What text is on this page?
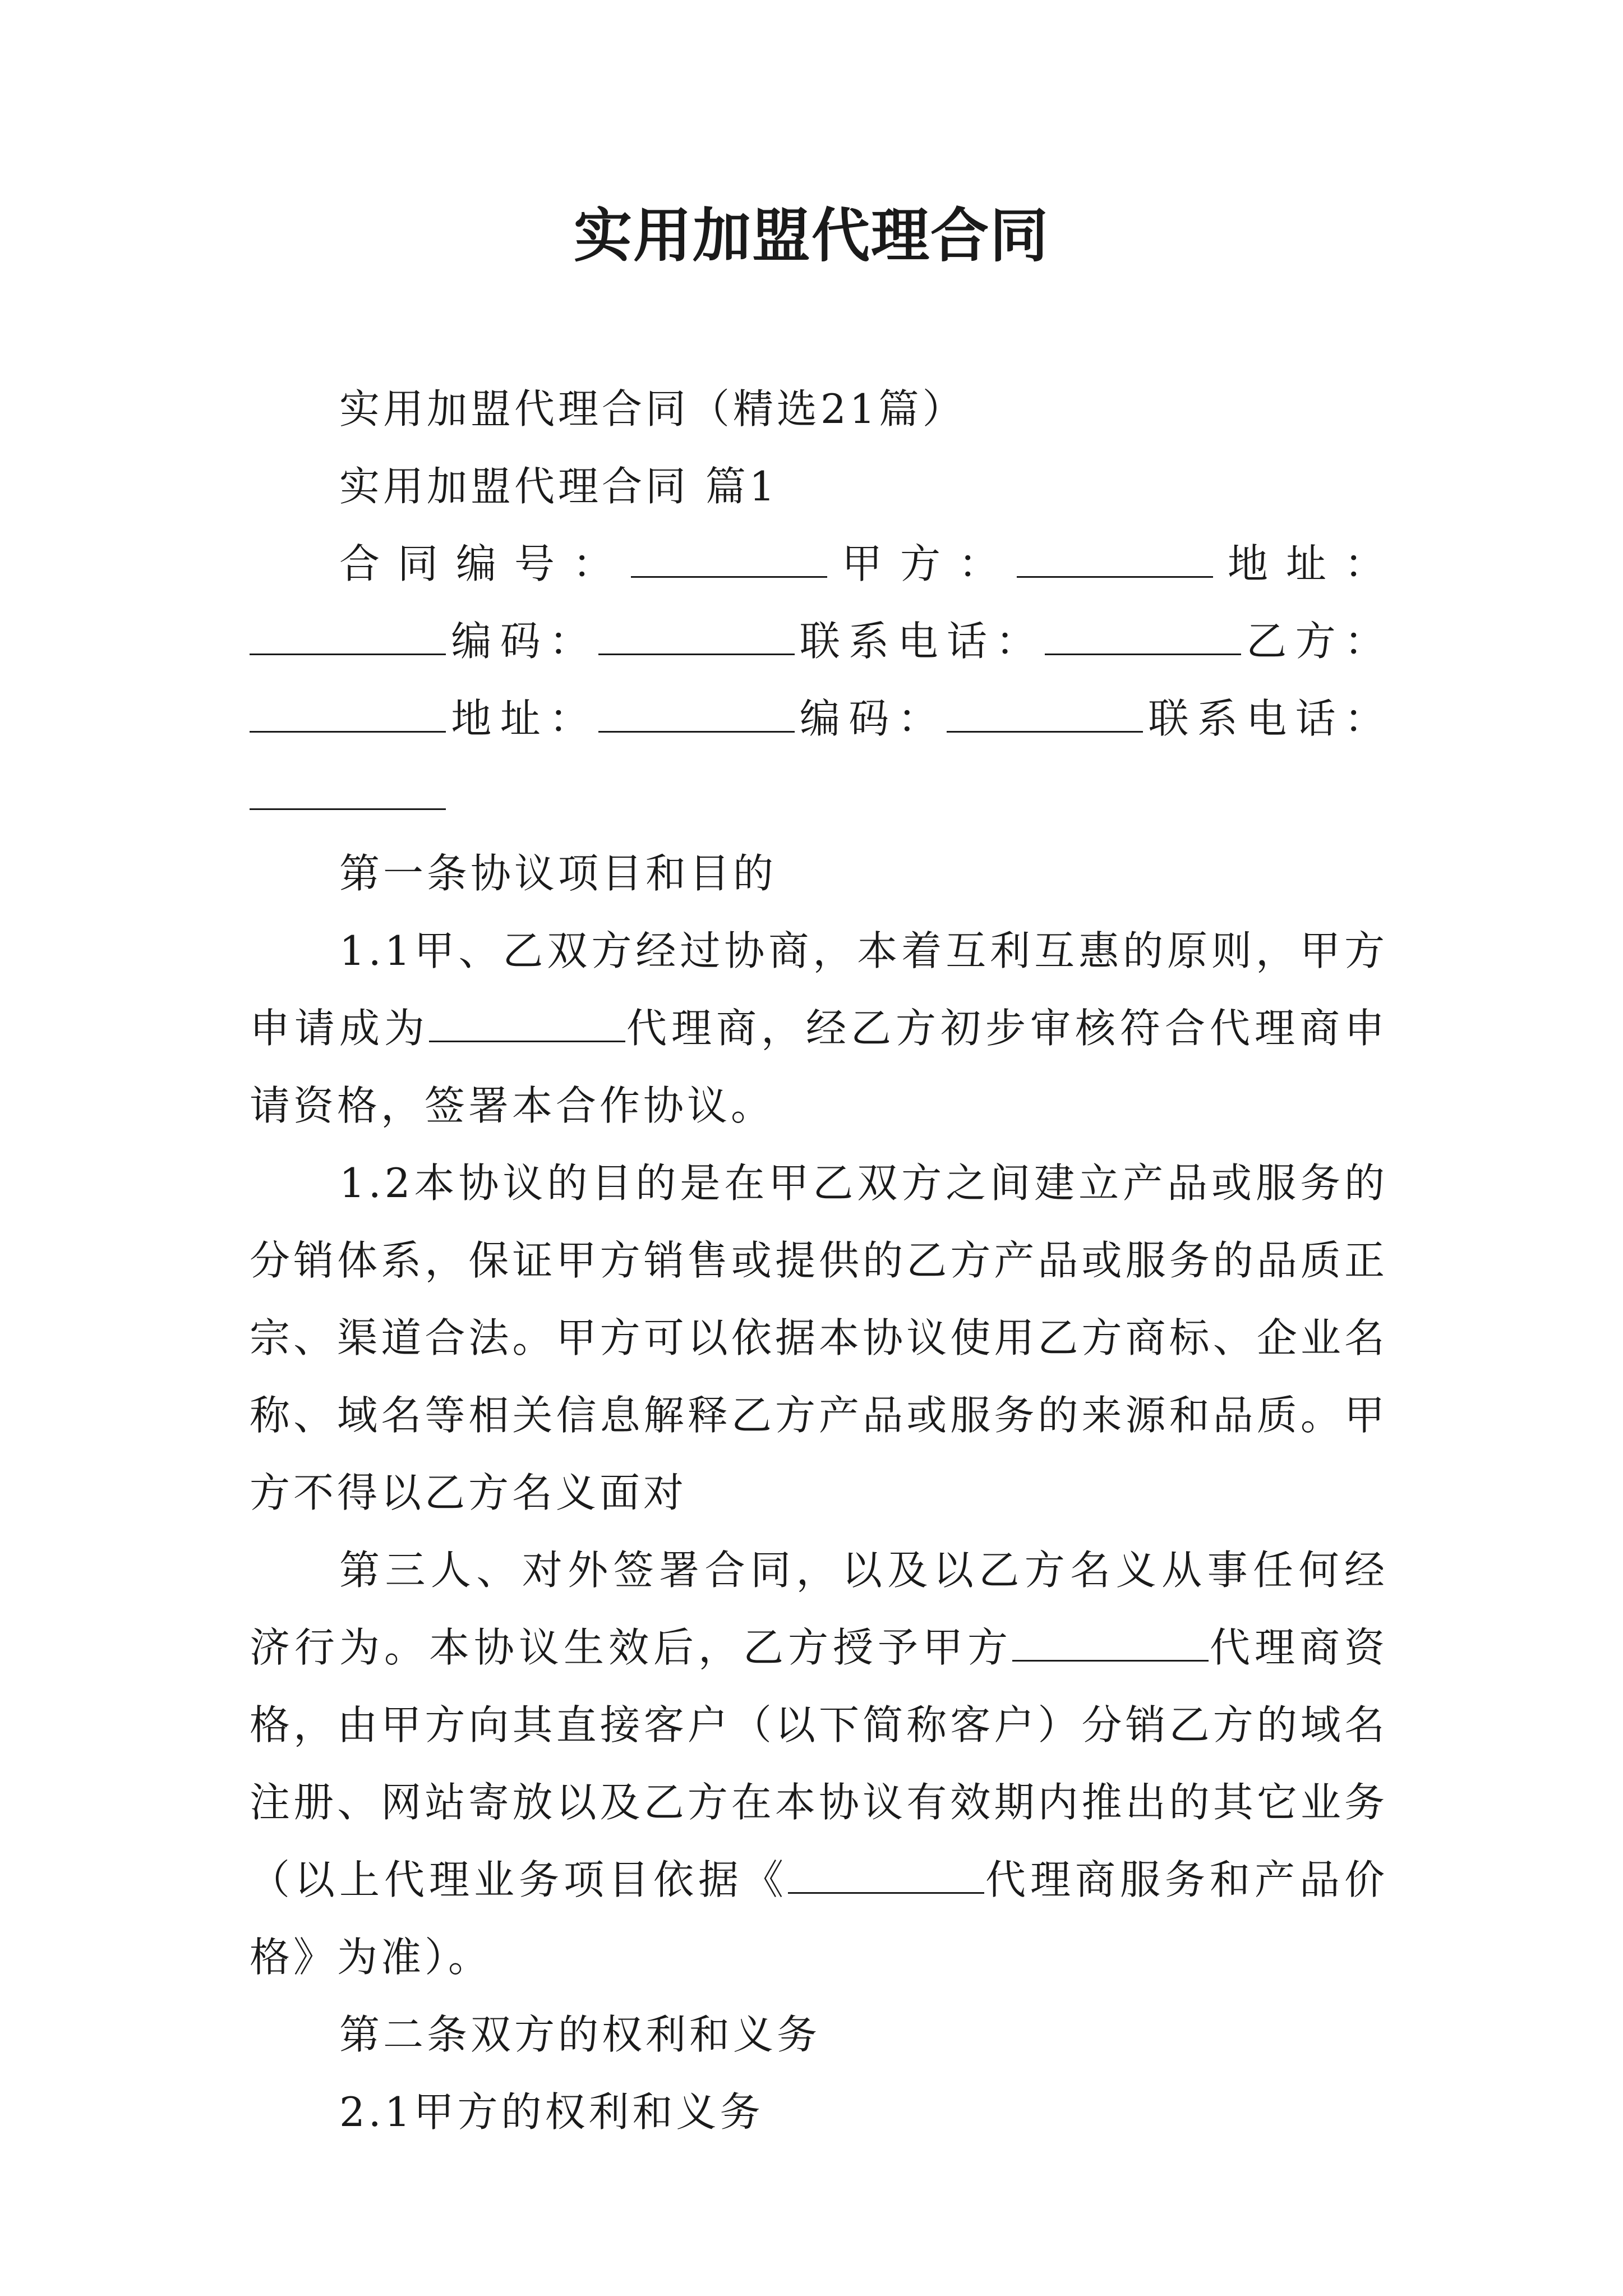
实用加盟代理合同

实用加盟代理合同（精选21篇）

实用加盟代理合同 篇1

合同编号：	甲方：	地址：编码：	联系电话：	乙方：地址：	编码：	联系电话：

第一条协议项目和目的

1.1甲、乙双方经过协商，本着互利互惠的原则，甲方申请成为	代理商，经乙方初步审核符合代理商申请资格，签署本合作协议。

1.2本协议的目的是在甲乙双方之间建立产品或服务的分销体系，保证甲方销售或提供的乙方产品或服务的品质正宗、渠道合法。甲方可以依据本协议使用乙方商标、企业名称、域名等相关信息解释乙方产品或服务的来源和品质。甲方不得以乙方名义面对

第三人、对外签署合同，以及以乙方名义从事任何经济行为。本协议生效后，乙方授予甲方	代理商资格，由甲方向其直接客户（以下简称客户）分销乙方的域名注册、网站寄放以及乙方在本协议有效期内推出的其它业务（以上代理业务项目依据《	代理商服务和产品价格》为准）。

第二条双方的权利和义务

2.1甲方的权利和义务
